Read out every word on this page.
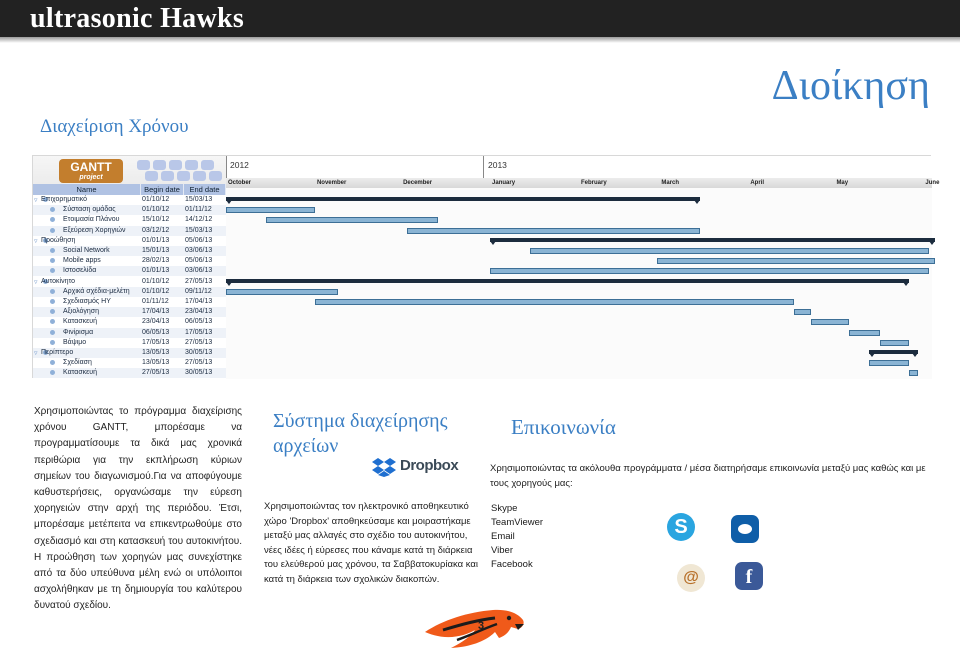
ultrasonic Hawks
Διοίκηση
Διαχείριση Χρόνου
GANTT
project
Name	Begin date	End date
▿ Επιχορηματικό	01/10/12 15/03/13
Σύσταση ομάδας	01/10/12 01/11/12
Ετοιμασία Πλάνου	15/10/12 14/12/12
Εξεύρεση Χορηγιών 03/12/12 15/03/13
▿ Προώθηση	01/01/13 05/06/13
Social Network	15/01/13 03/06/13
Mobile apps	28/02/13 05/06/13
Ιστοσελίδα	01/01/13 03/06/13
▿ Αυτοκίνητο	01/10/12 27/05/13
Αρχικά σχέδια-μελέτη 01/10/12 09/11/12
Σχεδιασμός ΗΥ	01/11/12 17/04/13
Αξιολόγηση	17/04/13 23/04/13
Κατασκευή	23/04/13 06/05/13
Φινίρισμα	06/05/13 17/05/13
Βάψιμο	17/05/13 27/05/13
▿ Περίπτερο	13/05/13 30/05/13
Σχεδίαση	13/05/13 27/05/13
Κατασκευή	27/05/13 30/05/13
2012	2013
October	November	December	January	February	March	April	May	June

Χρησιμοποιώντας το πρόγραμμα διαχείρισης χρόνου GANTT, μπορέσαμε να προγραμματίσουμε τα δικά μας χρονικά περιθώρια για την εκπλήρωση κύριων σημείων του διαγωνισμού.Για να αποφύγουμε καθυστερήσεις, οργανώσαμε την εύρεση χορηγειών στην αρχή της περιόδου. Έτσι, μπορέσαμε μετέπειτα να επικεντρωθούμε στο σχεδιασμό και στη κατασκευή του αυτοκινήτου. Η προώθηση των χορηγών μας συνεχίστηκε από τα δύο υπεύθυνα μέλη ενώ οι υπόλοιποι ασχολήθηκαν με τη δημιουργία του καλύτερου δυνατού σχεδίου.

Σύστημα διαχείρησης αρχείων
Dropbox

Χρησιμοποιώντας τον ηλεκτρονικό αποθηκευτικό χώρο 'Dropbox' αποθηκεύσαμε και μοιραστήκαμε μεταξύ μας αλλαγές στο σχέδιο του αυτοκινήτου, νέες ιδέες ή εύρεσες που κάναμε κατά τη διάρκεια του ελεύθερού μας χρόνου, τα Σαββατοκυρίακα και κατά τη διάρκεια των σχολικών διακοπών.

Επικοινωνία

Χρησιμοποιώντας τα ακόλουθα προγράμματα / μέσα διατηρήσαμε επικοινωνία μεταξύ μας καθώς και με τους χορηγούς μας:

Skype
TeamViewer
Email
Viber
Facebook
S
@	f
3
